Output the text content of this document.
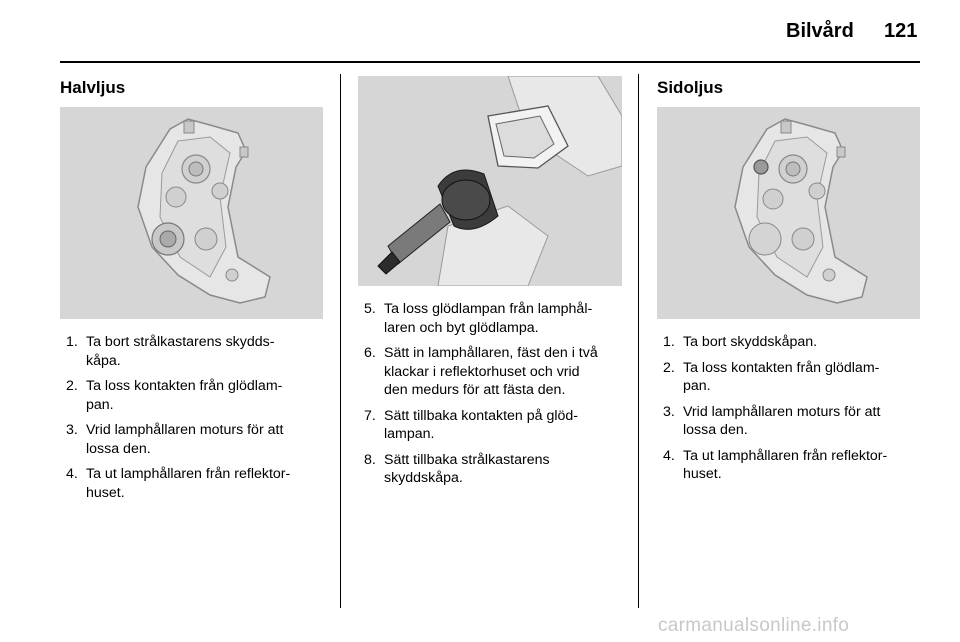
Bilvård 121
Halvljus
1. Ta bort strålkastarens skydds-
kåpa.
2. Ta loss kontakten från glödlam-
pan.
3. Vrid lamphållaren moturs för att
lossa den.
4. Ta ut lamphållaren från reflektor-
huset.
5. Ta loss glödlampan från lamphål-
laren och byt glödlampa.
6. Sätt in lamphållaren, fäst den i två
klackar i reflektorhuset och vrid
den medurs för att fästa den.
7. Sätt tillbaka kontakten på glöd-
lampan.
8. Sätt tillbaka strålkastarens
skyddskåpa.
Sidoljus
1. Ta bort skyddskåpan.
2. Ta loss kontakten från glödlam-
pan.
3. Vrid lamphållaren moturs för att
lossa den.
4. Ta ut lamphållaren från reflektor-
huset.
carmanualsonline.info
